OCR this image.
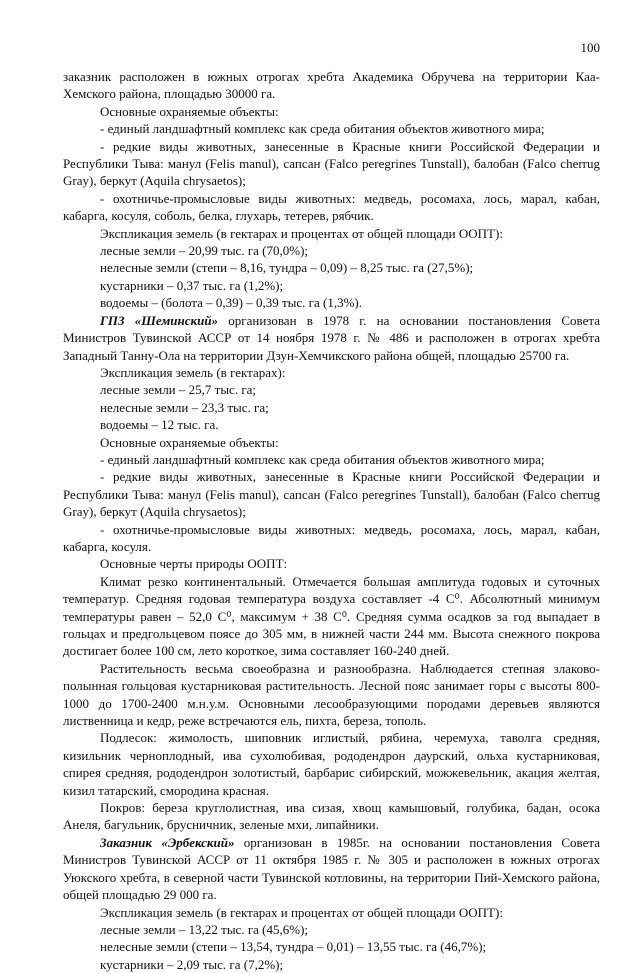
100

заказник расположен в южных отрогах хребта Академика Обручева на территории Каа-Хемского района, площадью 30000 га.

Основные охраняемые объекты:

- единый ландшафтный комплекс как среда обитания объектов животного мира;

- редкие виды животных, занесенные в Красные книги Российской Федерации и Республики Тыва: манул (Felis manul), сапсан (Falco peregrines Tunstall), балобан (Falco cherrug Gray), беркут (Aquila chrysaetos);

- охотничье-промысловые виды животных: медведь, росомаха, лось, марал, кабан, кабарга, косуля, соболь, белка, глухарь, тетерев, рябчик.

Экспликация земель (в гектарах и процентах от общей площади ООПТ):

лесные земли – 20,99 тыс. га (70,0%);

нелесные земли (степи – 8,16, тундра – 0,09) – 8,25 тыс. га (27,5%);

кустарники – 0,37 тыс. га (1,2%);

водоемы – (болота – 0,39) – 0,39 тыс. га (1,3%).

ГПЗ «Шеминский» организован в 1978 г. на основании постановления Совета Министров Тувинской АССР от 14 ноября 1978 г. № 486 и расположен в отрогах хребта Западный Танну-Ола на территории Дзун-Хемчикского района общей, площадью 25700 га.

Экспликация земель (в гектарах):

лесные земли – 25,7 тыс. га;

нелесные земли – 23,3 тыс. га;

водоемы – 12 тыс. га.

Основные охраняемые объекты:

- единый ландшафтный комплекс как среда обитания объектов животного мира;

- редкие виды животных, занесенные в Красные книги Российской Федерации и Республики Тыва: манул (Felis manul), сапсан (Falco peregrines Tunstall), балобан (Falco cherrug Gray), беркут (Aquila chrysaetos);

- охотничье-промысловые виды животных: медведь, росомаха, лось, марал, кабан, кабарга, косуля.

Основные черты природы ООПТ:

Климат резко континентальный. Отмечается большая амплитуда годовых и суточных температур. Средняя годовая температура воздуха составляет -4 С⁰. Абсолютный минимум температуры равен – 52,0 С⁰, максимум + 38 С⁰. Средняя сумма осадков за год выпадает в гольцах и предгольцевом поясе до 305 мм, в нижней части 244 мм. Высота снежного покрова достигает более 100 см, лето короткое, зима составляет 160-240 дней.

Растительность весьма своеобразна и разнообразна. Наблюдается степная злаково-полынная гольцовая кустарниковая растительность. Лесной пояс занимает горы с высоты 800-1000 до 1700-2400 м.н.у.м. Основными лесообразующими породами деревьев являются лиственница и кедр, реже встречаются ель, пихта, береза, тополь.

Подлесок: жимолость, шиповник иглистый, рябина, черемуха, таволга средняя, кизильник черноплодный, ива сухолюбивая, рододендрон даурский, ольха кустарниковая, спирея средняя, рододендрон золотистый, барбарис сибирский, можжевельник, акация желтая, кизил татарский, смородина красная.

Покров: береза круглолистная, ива сизая, хвощ камышовый, голубика, бадан, осока Анеля, багульник, брусничник, зеленые мхи, липайники.

Заказник «Эрбекский» организован в 1985г. на основании постановления Совета Министров Тувинской АССР от 11 октября 1985 г. № 305 и расположен в южных отрогах Уюкского хребта, в северной части Тувинской котловины, на территории Пий-Хемского района, общей площадью 29 000 га.

Экспликация земель (в гектарах и процентах от общей площади ООПТ):

лесные земли – 13,22 тыс. га (45,6%);

нелесные земли (степи – 13,54, тундра – 0,01) – 13,55 тыс. га (46,7%);

кустарники – 2,09 тыс. га (7,2%);
